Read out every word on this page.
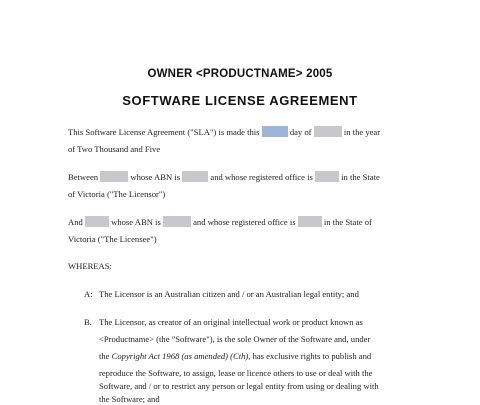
OWNER <PRODUCTNAME> 2005
SOFTWARE LICENSE AGREEMENT
This Software License Agreement ("SLA") is made this	day of	in the year
of Two Thousand and Five
Between	whose ABN is	and whose registered office is	in the State
of Victoria ("The Licensor")
And	whose ABN is	and whose registered office is	in the State of
Victoria ("The Licensee")
WHEREAS:
A: The Licensor is an Australian citizen and / or an Australian legal entity; and
B. The Licensor, as creator of an original intellectual work or product known as
<Productname> (the "Software"), is the sole Owner of the Software and, under
the Copyright Act 1968 (as amended) (Cth), has exclusive rights to publish and
reproduce the Software, to assign, lease or licence others to use or deal with the
Software, and / or to restrict any person or legal entity from using or dealing with
the Software; and
